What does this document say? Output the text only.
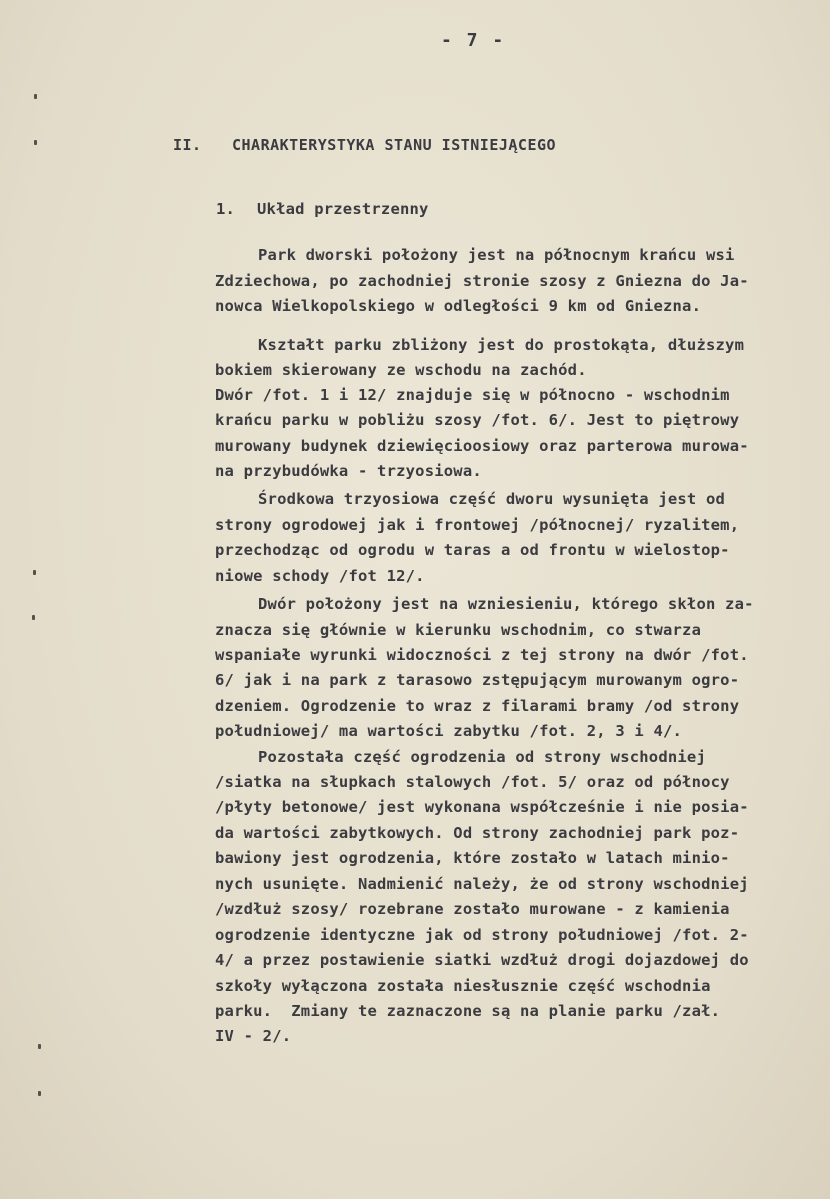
- 7 -
II. CHARAKTERYSTYKA STANU ISTNIEJĄCEGO
1. Układ przestrzenny
Park dworski położony jest na północnym krańcu wsi
Zdziechowa, po zachodniej stronie szosy z Gniezna do Ja-
nowca Wielkopolskiego w odległości 9 km od Gniezna.
Kształt parku zbliżony jest do prostokąta, dłuższym
bokiem skierowany ze wschodu na zachód.
Dwór /fot. 1 i 12/ znajduje się w północno - wschodnim
krańcu parku w pobliżu szosy /fot. 6/. Jest to piętrowy
murowany budynek dziewięcioosiowy oraz parterowa murowa-
na przybudówka - trzyosiowa.
Środkowa trzyosiowa część dworu wysunięta jest od
strony ogrodowej jak i frontowej /północnej/ ryzalitem,
przechodząc od ogrodu w taras a od frontu w wielostop-
niowe schody /fot 12/.
Dwór położony jest na wzniesieniu, którego skłon za-
znacza się głównie w kierunku wschodnim, co stwarza
wspaniałe wyrunki widoczności z tej strony na dwór /fot.
6/ jak i na park z tarasowo zstępującym murowanym ogro-
dzeniem. Ogrodzenie to wraz z filarami bramy /od strony
południowej/ ma wartości zabytku /fot. 2, 3 i 4/.
Pozostała część ogrodzenia od strony wschodniej
/siatka na słupkach stalowych /fot. 5/ oraz od północy
/płyty betonowe/ jest wykonana współcześnie i nie posia-
da wartości zabytkowych. Od strony zachodniej park poz-
bawiony jest ogrodzenia, które zostało w latach minio-
nych usunięte. Nadmienić należy, że od strony wschodniej
/wzdłuż szosy/ rozebrane zostało murowane - z kamienia
ogrodzenie identyczne jak od strony południowej /fot. 2-
4/ a przez postawienie siatki wzdłuż drogi dojazdowej do
szkoły wyłączona została niesłusznie część wschodnia
parku.  Zmiany te zaznaczone są na planie parku /zał.
IV - 2/.
